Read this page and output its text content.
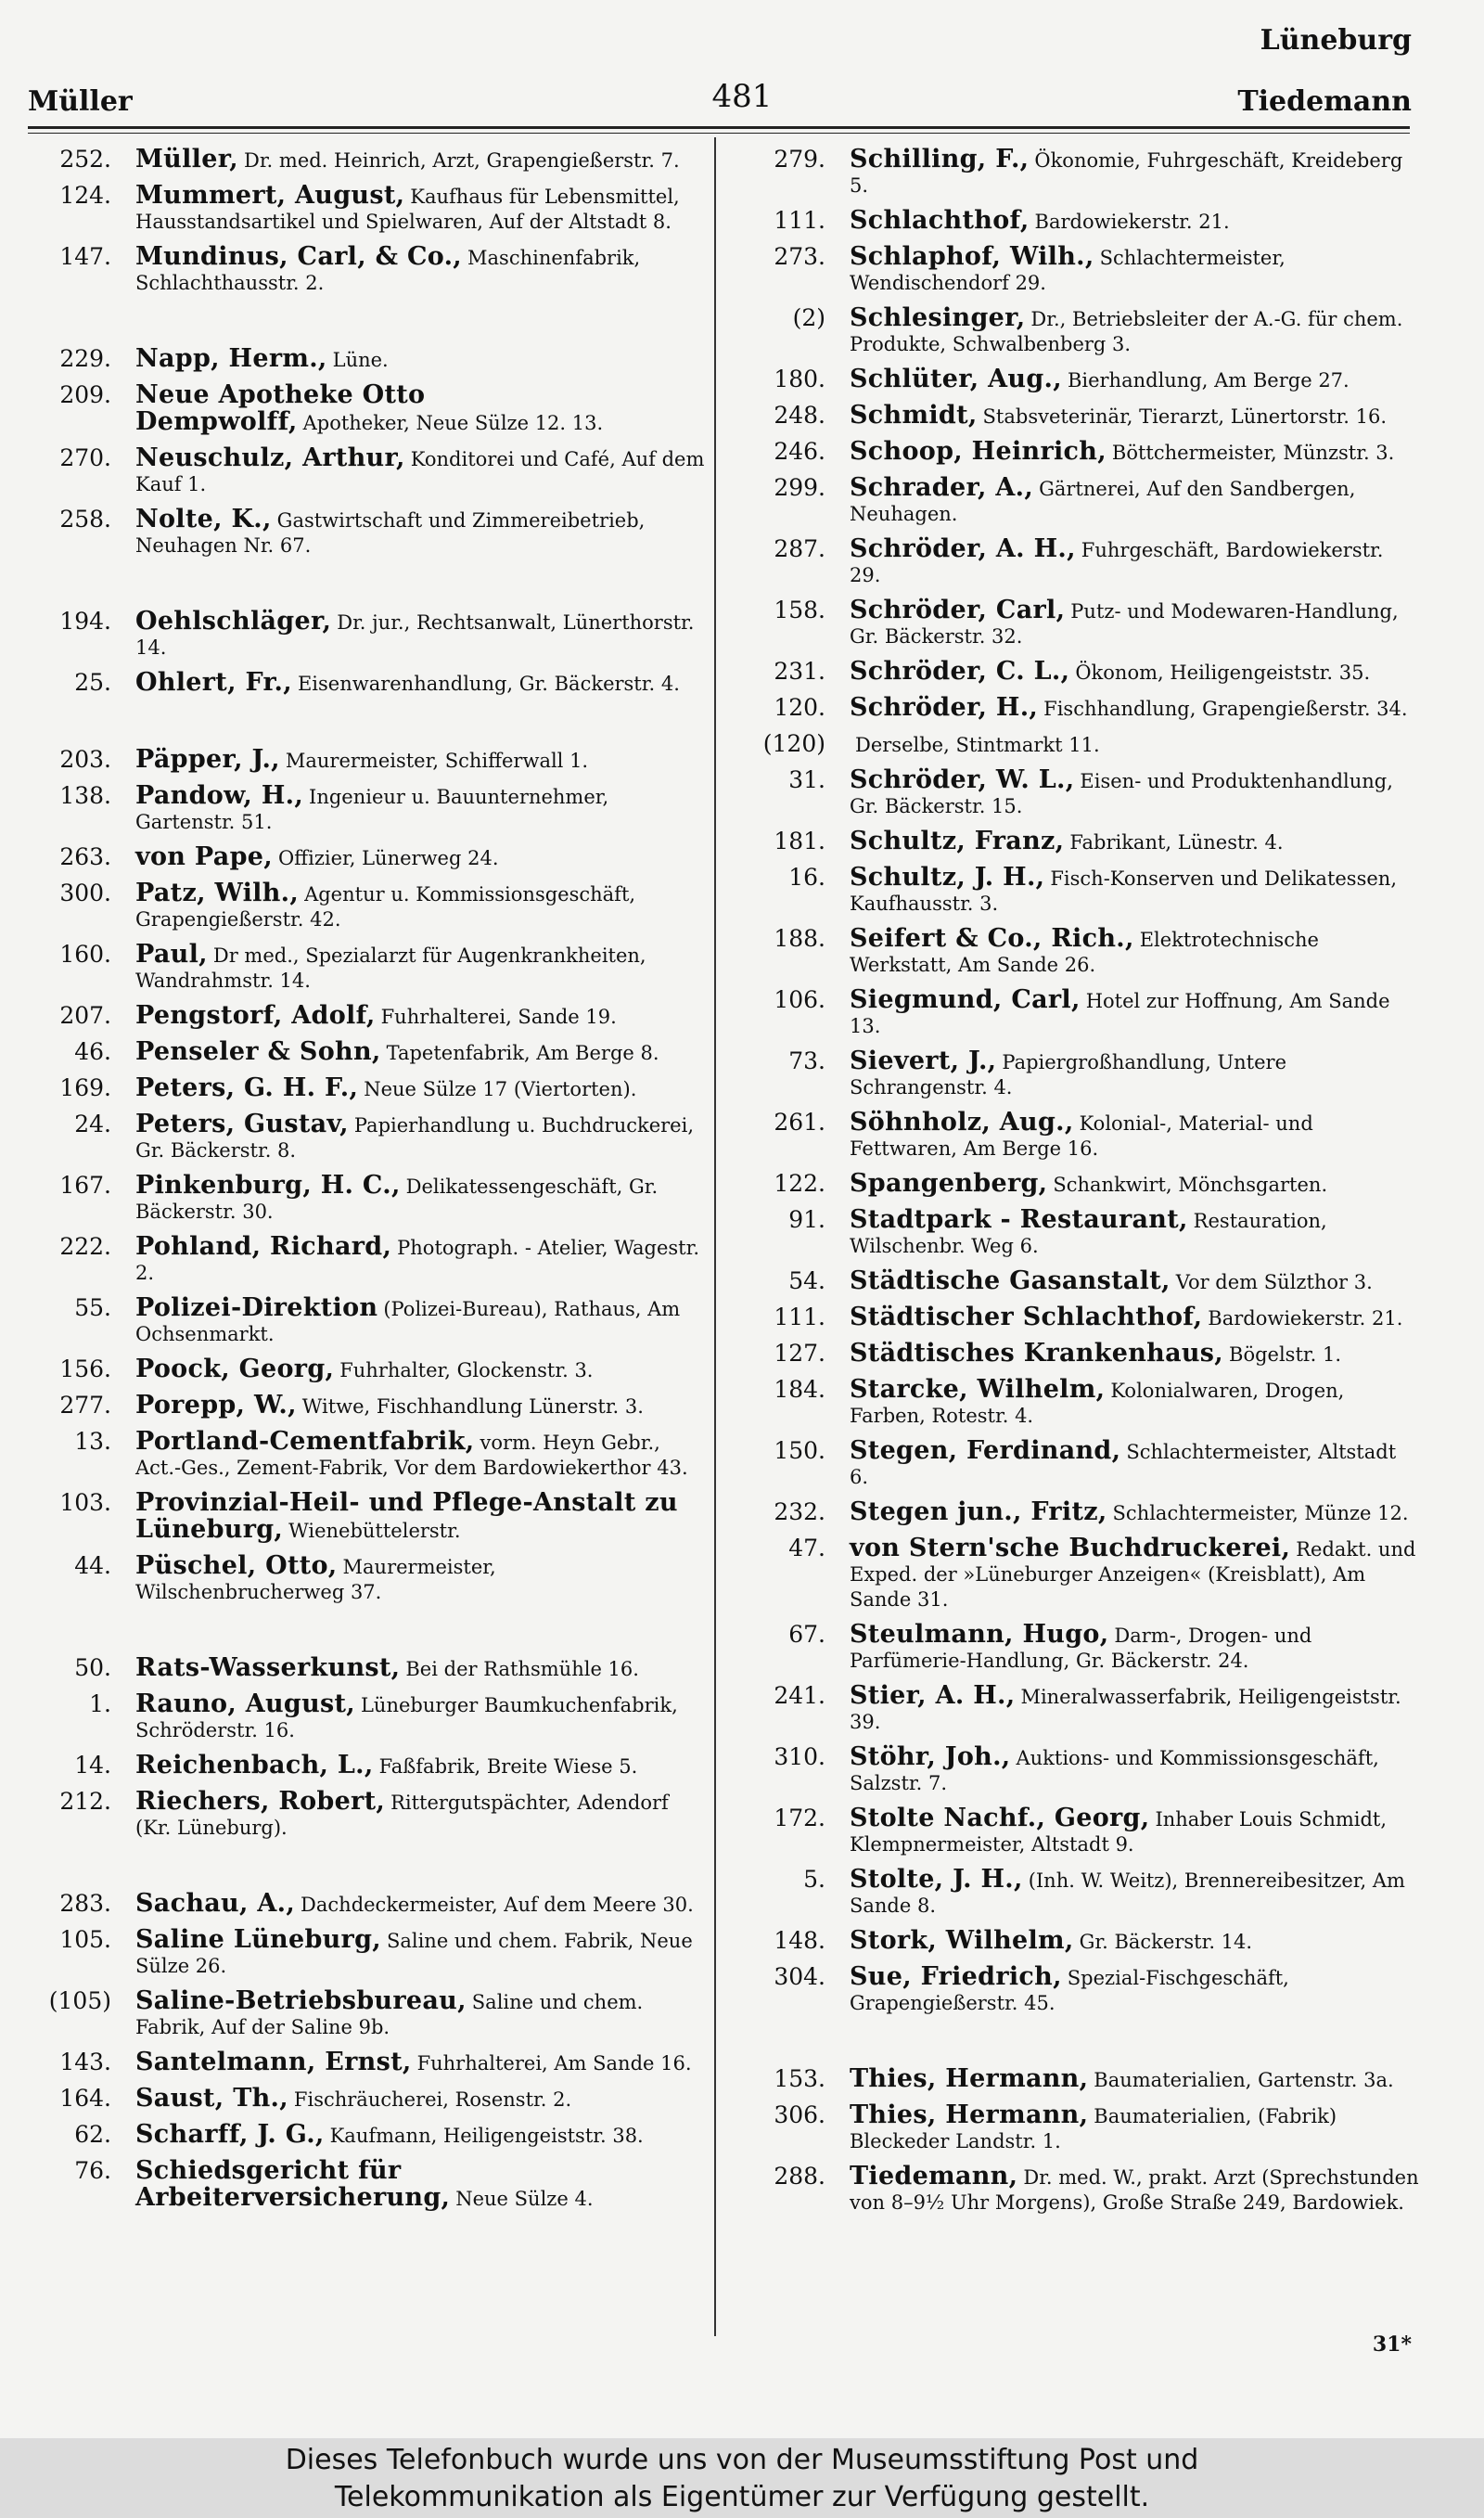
Lüneburg
Müller	481	Tiedemann
252. Müller, Dr. med. Heinrich, Arzt, Grapengießerstr. 7.
124. Mummert, August, Kaufhaus für Lebensmittel, Hausstandsartikel und Spielwaren, Auf der Altstadt 8.
147. Mundinus, Carl, & Co., Maschinenfabrik, Schlachthausstr. 2.
229. Napp, Herm., Lüne.
209. Neue Apotheke Otto Dempwolff, Apotheker, Neue Sülze 12. 13.
270. Neuschulz, Arthur, Konditorei und Café, Auf dem Kauf 1.
258. Nolte, K., Gastwirtschaft und Zimmereibetrieb, Neuhagen Nr. 67.
194. Oehlschläger, Dr. jur., Rechtsanwalt, Lünerthorstr. 14.
25. Ohlert, Fr., Eisenwarenhandlung, Gr. Bäckerstr. 4.
203. Päpper, J., Maurermeister, Schifferwall 1.
138. Pandow, H., Ingenieur u. Bauunternehmer, Gartenstr. 51.
263. von Pape, Offizier, Lünerweg 24.
300. Patz, Wilh., Agentur u. Kommissionsgeschäft, Grapengießerstr. 42.
160. Paul, Dr med., Spezialarzt für Augenkrankheiten, Wandrahmstr. 14.
207. Pengstorf, Adolf, Fuhrhalterei, Sande 19.
46. Penseler & Sohn, Tapetenfabrik, Am Berge 8.
169. Peters, G. H. F., Neue Sülze 17 (Viertorten).
24. Peters, Gustav, Papierhandlung u. Buchdruckerei, Gr. Bäckerstr. 8.
167. Pinkenburg, H. C., Delikatessengeschäft, Gr. Bäckerstr. 30.
222. Pohland, Richard, Photograph. - Atelier, Wagestr. 2.
55. Polizei-Direktion (Polizei-Bureau), Rathaus, Am Ochsenmarkt.
156. Poock, Georg, Fuhrhalter, Glockenstr. 3.
277. Porepp, W., Witwe, Fischhandlung Lünerstr. 3.
13. Portland-Cementfabrik, vorm. Heyn Gebr., Act.-Ges., Zement-Fabrik, Vor dem Bardowiekerthor 43.
103. Provinzial-Heil- und Pflege-Anstalt zu Lüneburg, Wienebüttelerstr.
44. Püschel, Otto, Maurermeister, Wilschenbrucherweg 37.
50. Rats-Wasserkunst, Bei der Rathsmühle 16.
1. Rauno, August, Lüneburger Baumkuchenfabrik, Schröderstr. 16.
14. Reichenbach, L., Faßfabrik, Breite Wiese 5.
212. Riechers, Robert, Rittergutspächter, Adendorf (Kr. Lüneburg).
283. Sachau, A., Dachdeckermeister, Auf dem Meere 30.
105. Saline Lüneburg, Saline und chem. Fabrik, Neue Sülze 26.
(105) Saline-Betriebsbureau, Saline und chem. Fabrik, Auf der Saline 9b.
143. Santelmann, Ernst, Fuhrhalterei, Am Sande 16.
164. Saust, Th., Fischräucherei, Rosenstr. 2.
62. Scharff, J. G., Kaufmann, Heiligengeiststr. 38.
76. Schiedsgericht für Arbeiterversicherung, Neue Sülze 4.
279. Schilling, F., Ökonomie, Fuhrgeschäft, Kreideberg 5.
111. Schlachthof, Bardowiekerstr. 21.
273. Schlaphof, Wilh., Schlachtermeister, Wendischendorf 29.
(2) Schlesinger, Dr., Betriebsleiter der A.-G. für chem. Produkte, Schwalbenberg 3.
180. Schlüter, Aug., Bierhandlung, Am Berge 27.
248. Schmidt, Stabsveterinär, Tierarzt, Lünertorstr. 16.
246. Schoop, Heinrich, Böttchermeister, Münzstr. 3.
299. Schrader, A., Gärtnerei, Auf den Sandbergen, Neuhagen.
287. Schröder, A. H., Fuhrgeschäft, Bardowiekerstr. 29.
158. Schröder, Carl, Putz- und Modewaren-Handlung, Gr. Bäckerstr. 32.
231. Schröder, C. L., Ökonom, Heiligengeiststr. 35.
120. Schröder, H., Fischhandlung, Grapengießerstr. 34.
(120)	Derselbe, Stintmarkt 11.
31. Schröder, W. L., Eisen- und Produktenhandlung, Gr. Bäckerstr. 15.
181. Schultz, Franz, Fabrikant, Lünestr. 4.
16. Schultz, J. H., Fisch-Konserven und Delikatessen, Kaufhausstr. 3.
188. Seifert & Co., Rich., Elektrotechnische Werkstatt, Am Sande 26.
106. Siegmund, Carl, Hotel zur Hoffnung, Am Sande 13.
73. Sievert, J., Papiergroßhandlung, Untere Schrangenstr. 4.
261. Söhnholz, Aug., Kolonial-, Material- und Fettwaren, Am Berge 16.
122. Spangenberg, Schankwirt, Mönchsgarten.
91. Stadtpark - Restaurant, Restauration, Wilschenbr. Weg 6.
54. Städtische Gasanstalt, Vor dem Sülzthor 3.
111. Städtischer Schlachthof, Bardowiekerstr. 21.
127. Städtisches Krankenhaus, Bögelstr. 1.
184. Starcke, Wilhelm, Kolonialwaren, Drogen, Farben, Rotestr. 4.
150. Stegen, Ferdinand, Schlachtermeister, Altstadt 6.
232. Stegen jun., Fritz, Schlachtermeister, Münze 12.
47. von Stern'sche Buchdruckerei, Redakt. und Exped. der »Lüneburger Anzeigen« (Kreisblatt), Am Sande 31.
67. Steulmann, Hugo, Darm-, Drogen- und Parfümerie-Handlung, Gr. Bäckerstr. 24.
241. Stier, A. H., Mineralwasserfabrik, Heiligengeiststr. 39.
310. Stöhr, Joh., Auktions- und Kommissionsgeschäft, Salzstr. 7.
172. Stolte Nachf., Georg, Inhaber Louis Schmidt, Klempnermeister, Altstadt 9.
5. Stolte, J. H., (Inh. W. Weitz), Brennereibesitzer, Am Sande 8.
148. Stork, Wilhelm, Gr. Bäckerstr. 14.
304. Sue, Friedrich, Spezial-Fischgeschäft, Grapengießerstr. 45.
153. Thies, Hermann, Baumaterialien, Gartenstr. 3a.
306. Thies, Hermann, Baumaterialien, (Fabrik) Bleckeder Landstr. 1.
288. Tiedemann, Dr. med. W., prakt. Arzt (Sprechstunden von 8–9½ Uhr Morgens), Große Straße 249, Bardowiek.
31*
Dieses Telefonbuch wurde uns von der Museumsstiftung Post und
Telekommunikation als Eigentümer zur Verfügung gestellt.
